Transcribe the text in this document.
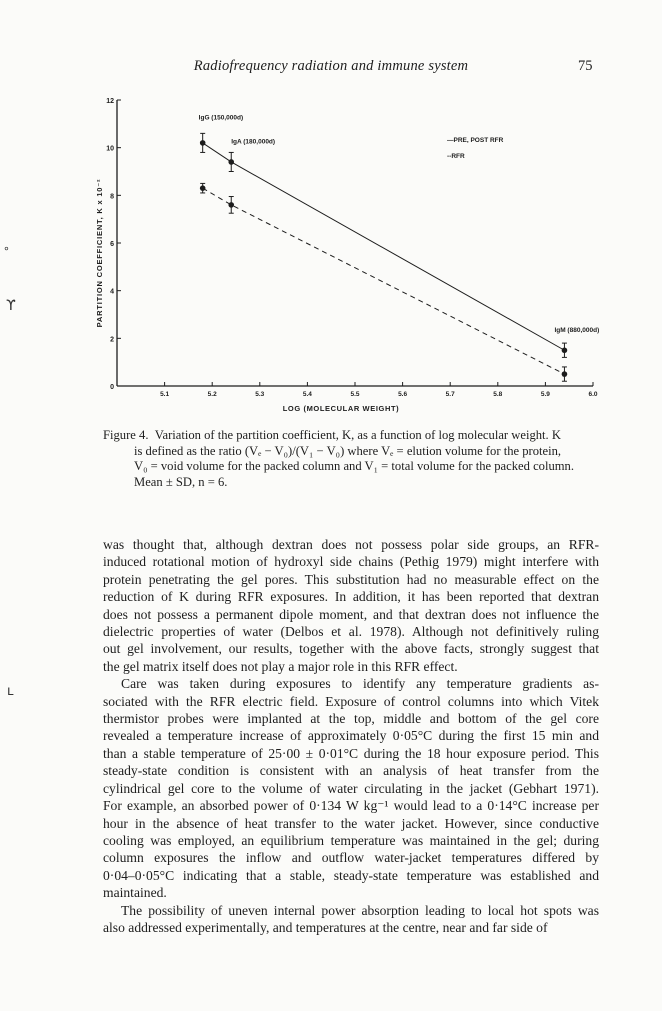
Radiofrequency radiation and immune system	75
0
2
4
6
8
10
12
5.1	5.2	5.3	5.4	5.5	5.6	5.7	5.8	5.9	6.0
LOG (MOLECULAR WEIGHT)
PARTITION COEFFICIENT, K x 10⁻²
IgG (150,000d)
IgA (180,000d)
IgM (880,000d)
—PRE, POST RFR
--RFR
Figure 4. Variation of the partition coefficient, K, as a function of log molecular weight. K
is defined as the ratio (Vₑ − V₀)/(V₁ − V₀) where Vₑ = elution volume for the protein,
V₀ = void volume for the packed column and V₁ = total volume for the packed column.
Mean ± SD, n = 6.
was thought that, although dextran does not possess polar side groups, an RFR-
induced rotational motion of hydroxyl side chains (Pethig 1979) might interfere with
protein penetrating the gel pores. This substitution had no measurable effect on the
reduction of K during RFR exposures. In addition, it has been reported that dextran
does not possess a permanent dipole moment, and that dextran does not influence the
dielectric properties of water (Delbos et al. 1978). Although not definitively ruling
out gel involvement, our results, together with the above facts, strongly suggest that
the gel matrix itself does not play a major role in this RFR effect.
Care was taken during exposures to identify any temperature gradients as-
sociated with the RFR electric field. Exposure of control columns into which Vitek
thermistor probes were implanted at the top, middle and bottom of the gel core
revealed a temperature increase of approximately 0·05°C during the first 15 min and
than a stable temperature of 25·00 ± 0·01°C during the 18 hour exposure period. This
steady-state condition is consistent with an analysis of heat transfer from the
cylindrical gel core to the volume of water circulating in the jacket (Gebhart 1971).
For example, an absorbed power of 0·134 W kg⁻¹ would lead to a 0·14°C increase per
hour in the absence of heat transfer to the water jacket. However, since conductive
cooling was employed, an equilibrium temperature was maintained in the gel; during
column exposures the inflow and outflow water-jacket temperatures differed by
0·04–0·05°C indicating that a stable, steady-state temperature was established and
maintained.
The possibility of uneven internal power absorption leading to local hot spots was
also addressed experimentally, and temperatures at the centre, near and far side of
∘
ϒ
ʟ
